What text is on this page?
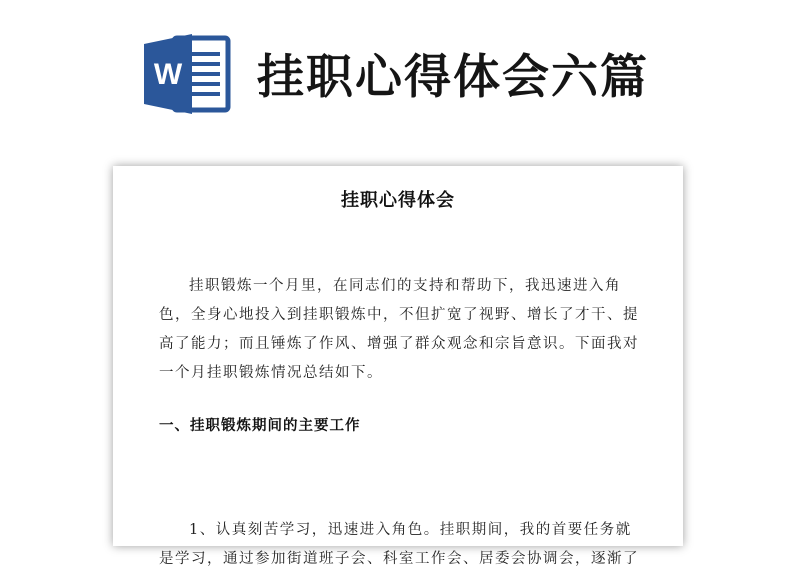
W 挂职心得体会六篇
挂职心得体会

挂职锻炼一个月里，在同志们的支持和帮助下，我迅速进入角色，全身心地投入到挂职锻炼中，不但扩宽了视野、增长了才干、提高了能力；而且锤炼了作风、增强了群众观念和宗旨意识。下面我对一个月挂职锻炼情况总结如下。

一、挂职锻炼期间的主要工作

1、认真刻苦学习，迅速进入角色。挂职期间，我的首要任务就是学习，通过参加街道班子会、科室工作会、居委会协调会，逐渐了
